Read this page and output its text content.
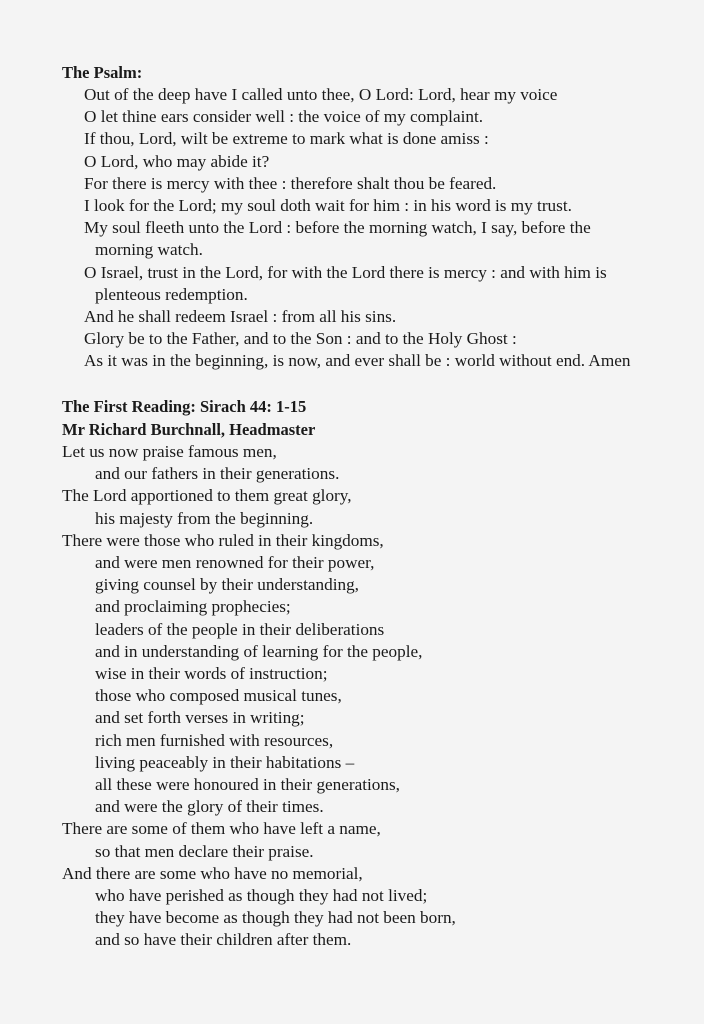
The Psalm:
Out of the deep have I called unto thee, O Lord: Lord, hear my voice
O let thine ears consider well : the voice of my complaint.
If thou, Lord, wilt be extreme to mark what is done amiss :
O Lord, who may abide it?
For there is mercy with thee : therefore shalt thou be feared.
I look for the Lord; my soul doth wait for him : in his word is my trust.
My soul fleeth unto the Lord : before the morning watch, I say, before the
morning watch.
O Israel, trust in the Lord, for with the Lord there is mercy : and with him is
plenteous redemption.
And he shall redeem Israel : from all his sins.
Glory be to the Father, and to the Son : and to the Holy Ghost :
As it was in the beginning, is now, and ever shall be : world without end. Amen
The First Reading: Sirach 44: 1-15
Mr Richard Burchnall, Headmaster
Let us now praise famous men,
and our fathers in their generations.
The Lord apportioned to them great glory,
his majesty from the beginning.
There were those who ruled in their kingdoms,
and were men renowned for their power,
giving counsel by their understanding,
and proclaiming prophecies;
leaders of the people in their deliberations
and in understanding of learning for the people,
wise in their words of instruction;
those who composed musical tunes,
and set forth verses in writing;
rich men furnished with resources,
living peaceably in their habitations –
all these were honoured in their generations,
and were the glory of their times.
There are some of them who have left a name,
so that men declare their praise.
And there are some who have no memorial,
who have perished as though they had not lived;
they have become as though they had not been born,
and so have their children after them.
